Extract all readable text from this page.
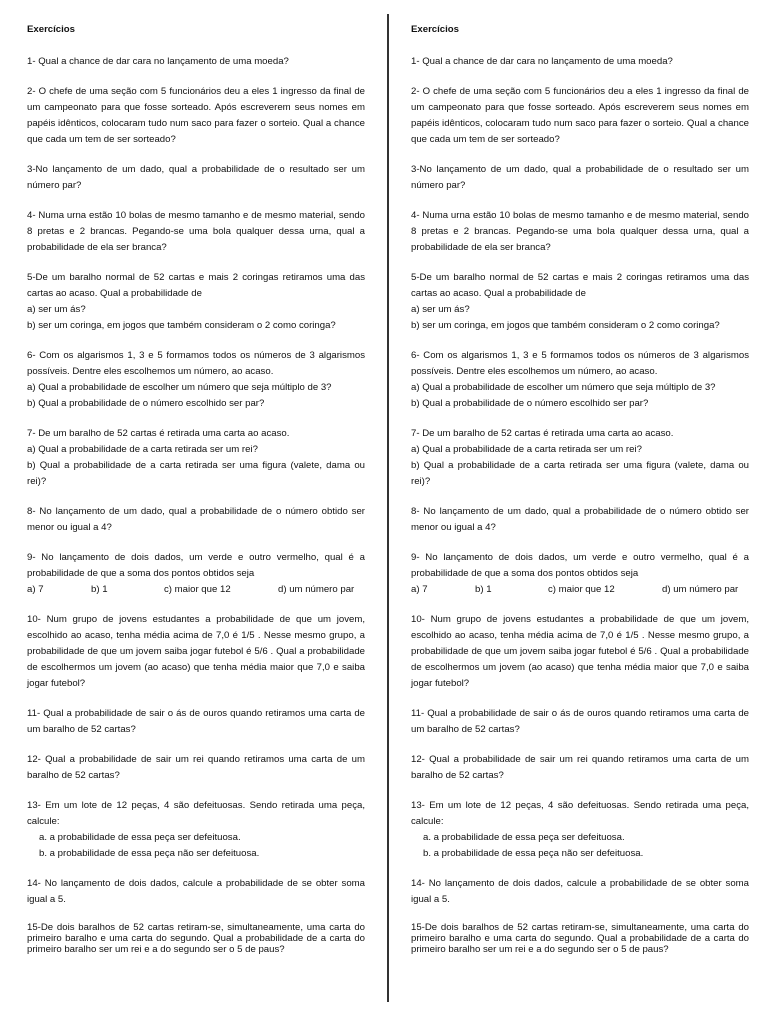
Exercícios
1- Qual a chance de dar cara no lançamento de uma moeda?
2- O chefe de uma seção com 5 funcionários deu a eles 1 ingresso da final de um campeonato para que fosse sorteado. Após escreverem seus nomes em papéis idênticos, colocaram tudo num saco para fazer o sorteio. Qual a chance que cada um tem de ser sorteado?
3-No lançamento de um dado, qual a probabilidade de o resultado ser um número par?
4- Numa urna estão 10 bolas de mesmo tamanho e de mesmo material, sendo 8 pretas e 2 brancas. Pegando-se uma bola qualquer dessa urna, qual a probabilidade de ela ser branca?

5-De um baralho normal de 52 cartas e mais 2 coringas retiramos uma das cartas ao acaso. Qual a probabilidade de

a) ser um ás?

b) ser um coringa, em jogos que também consideram o 2 como coringa?

6- Com os algarismos 1, 3 e 5 formamos todos os números de 3 algarismos possíveis. Dentre eles escolhemos um número, ao acaso.

a) Qual a probabilidade de escolher um número que seja múltiplo de 3?

b) Qual a probabilidade de o número escolhido ser par?

7- De um baralho de 52 cartas é retirada uma carta ao acaso.

a) Qual a probabilidade de a carta retirada ser um rei?

b) Qual a probabilidade de a carta retirada ser uma figura (valete, dama ou rei)?

8- No lançamento de um dado, qual a probabilidade de o número obtido ser menor ou igual a 4?

9- No lançamento de dois dados, um verde e outro vermelho, qual é a probabilidade de que a soma dos pontos obtidos seja

a) 7	b) 1	c) maior que 12	d) um número par
10- Num grupo de jovens estudantes a probabilidade de que um jovem, escolhido ao acaso, tenha média acima de 7,0 é 1/5 . Nesse mesmo grupo, a probabilidade de que um jovem saiba jogar futebol é 5/6 . Qual a probabilidade de escolhermos um jovem (ao acaso) que tenha média maior que 7,0 e saiba jogar futebol?
11- Qual a probabilidade de sair o ás de ouros quando retiramos uma carta de um baralho de 52 cartas?
12- Qual a probabilidade de sair um rei quando retiramos uma carta de um baralho de 52 cartas?

13- Em um lote de 12 peças, 4 são defeituosas. Sendo retirada uma peça, calcule:

a. a probabilidade de essa peça ser defeituosa.

b. a probabilidade de essa peça não ser defeituosa.

14- No lançamento de dois dados, calcule a probabilidade de se obter soma igual a 5.
15-De dois baralhos de 52 cartas retiram-se, simultaneamente, uma carta do primeiro baralho e uma carta do segundo. Qual a probabilidade de a carta do primeiro baralho ser um rei e a do segundo ser o 5 de paus?
Exercícios
1- Qual a chance de dar cara no lançamento de uma moeda?
2- O chefe de uma seção com 5 funcionários deu a eles 1 ingresso da final de um campeonato para que fosse sorteado. Após escreverem seus nomes em papéis idênticos, colocaram tudo num saco para fazer o sorteio. Qual a chance que cada um tem de ser sorteado?
3-No lançamento de um dado, qual a probabilidade de o resultado ser um número par?
4- Numa urna estão 10 bolas de mesmo tamanho e de mesmo material, sendo 8 pretas e 2 brancas. Pegando-se uma bola qualquer dessa urna, qual a probabilidade de ela ser branca?

5-De um baralho normal de 52 cartas e mais 2 coringas retiramos uma das cartas ao acaso. Qual a probabilidade de

a) ser um ás?

b) ser um coringa, em jogos que também consideram o 2 como coringa?

6- Com os algarismos 1, 3 e 5 formamos todos os números de 3 algarismos possíveis. Dentre eles escolhemos um número, ao acaso.

a) Qual a probabilidade de escolher um número que seja múltiplo de 3?

b) Qual a probabilidade de o número escolhido ser par?

7- De um baralho de 52 cartas é retirada uma carta ao acaso.

a) Qual a probabilidade de a carta retirada ser um rei?

b) Qual a probabilidade de a carta retirada ser uma figura (valete, dama ou rei)?

8- No lançamento de um dado, qual a probabilidade de o número obtido ser menor ou igual a 4?

9- No lançamento de dois dados, um verde e outro vermelho, qual é a probabilidade de que a soma dos pontos obtidos seja

a) 7	b) 1	c) maior que 12	d) um número par
10- Num grupo de jovens estudantes a probabilidade de que um jovem, escolhido ao acaso, tenha média acima de 7,0 é 1/5 . Nesse mesmo grupo, a probabilidade de que um jovem saiba jogar futebol é 5/6 . Qual a probabilidade de escolhermos um jovem (ao acaso) que tenha média maior que 7,0 e saiba jogar futebol?
11- Qual a probabilidade de sair o ás de ouros quando retiramos uma carta de um baralho de 52 cartas?
12- Qual a probabilidade de sair um rei quando retiramos uma carta de um baralho de 52 cartas?

13- Em um lote de 12 peças, 4 são defeituosas. Sendo retirada uma peça, calcule:

a. a probabilidade de essa peça ser defeituosa.

b. a probabilidade de essa peça não ser defeituosa.

14- No lançamento de dois dados, calcule a probabilidade de se obter soma igual a 5.
15-De dois baralhos de 52 cartas retiram-se, simultaneamente, uma carta do primeiro baralho e uma carta do segundo. Qual a probabilidade de a carta do primeiro baralho ser um rei e a do segundo ser o 5 de paus?
